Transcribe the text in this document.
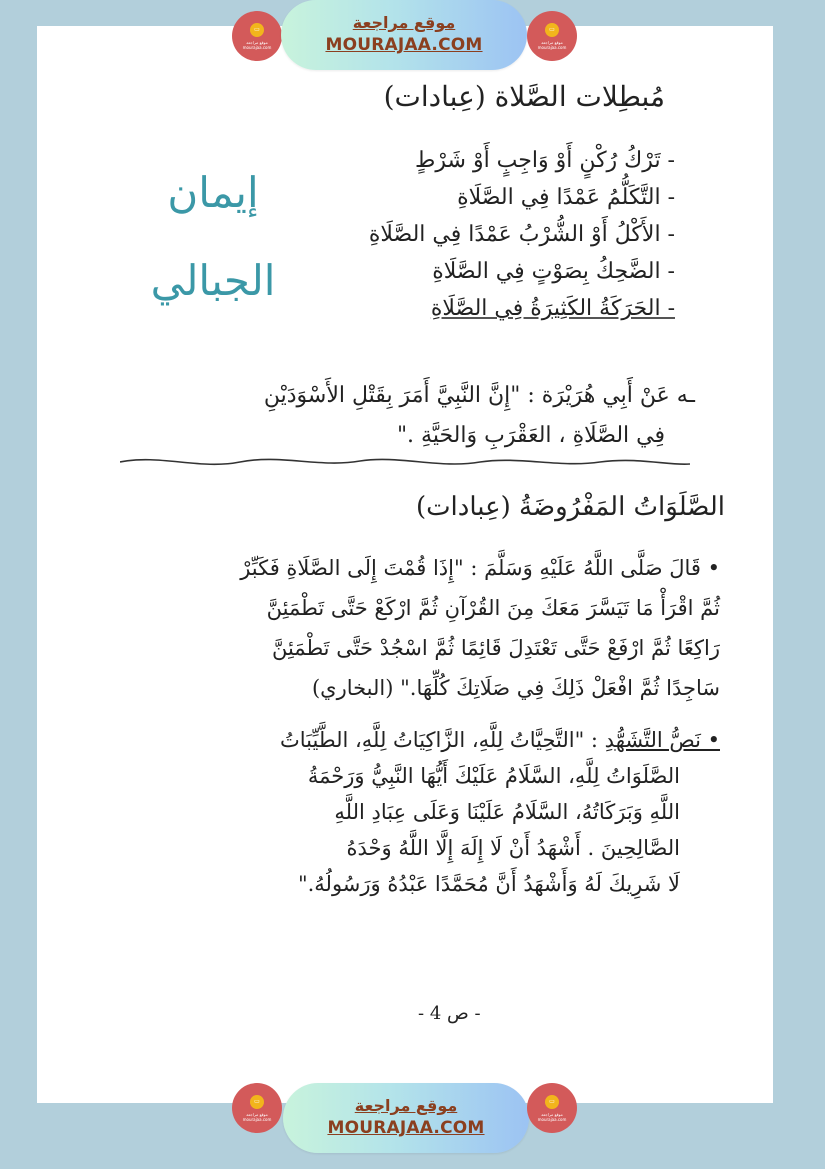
▭
موقع مراجعة mourajaa.com
موقع مراجعة
MOURAJAA.COM
▭
موقع مراجعة mourajaa.com
مُبطِلات الصَّلاة (عِبادات)
- تَرْكُ رُكْنٍ أَوْ وَاجِبٍ أَوْ شَرْطٍ
- التَّكَلُّمُ عَمْدًا فِي الصَّلَاةِ
- الأَكْلُ أَوْ الشُّرْبُ عَمْدًا فِي الصَّلَاةِ
- الضَّحِكُ بِصَوْتٍ فِي الصَّلَاةِ
- الحَرَكَةُ الكَثِيرَةُ فِي الصَّلَاةِ
إيمان
الجبالي
ـه عَنْ أَبِي هُرَيْرَة : "إِنَّ النَّبِيَّ أَمَرَ بِقَتْلِ الأَسْوَدَيْنِ
فِي الصَّلَاةِ ، العَقْرَبِ وَالحَيَّةِ ."
الصَّلَوَاتُ المَفْرُوضَةُ (عِبادات)
• قَالَ صَلَّى اللَّهُ عَلَيْهِ وَسَلَّمَ : "إِذَا قُمْتَ إِلَى الصَّلَاةِ فَكَبِّرْ
ثُمَّ اقْرَأْ مَا تَيَسَّرَ مَعَكَ مِنَ القُرْآنِ ثُمَّ ارْكَعْ حَتَّى تَطْمَئِنَّ
رَاكِعًا ثُمَّ ارْفَعْ حَتَّى تَعْتَدِلَ قَائِمًا ثُمَّ اسْجُدْ حَتَّى تَطْمَئِنَّ
سَاجِدًا ثُمَّ افْعَلْ ذَلِكَ فِي صَلَاتِكَ كُلِّهَا." (البخاري)
• نَصُّ التَّشَهُّدِ : "التَّحِيَّاتُ لِلَّهِ، الزَّاكِيَاتُ لِلَّهِ، الطَّيِّبَاتُ
الصَّلَوَاتُ لِلَّهِ، السَّلَامُ عَلَيْكَ أَيُّهَا النَّبِيُّ وَرَحْمَةُ
اللَّهِ وَبَرَكَاتُهُ، السَّلَامُ عَلَيْنَا وَعَلَى عِبَادِ اللَّهِ
الصَّالِحِينَ . أَشْهَدُ أَنْ لَا إِلَهَ إِلَّا اللَّهُ وَحْدَهُ
لَا شَرِيكَ لَهُ وَأَشْهَدُ أَنَّ مُحَمَّدًا عَبْدُهُ وَرَسُولُهُ."
- ص 4 -
▭
موقع مراجعة mourajaa.com
موقع مراجعة
MOURAJAA.COM
▭
موقع مراجعة mourajaa.com
